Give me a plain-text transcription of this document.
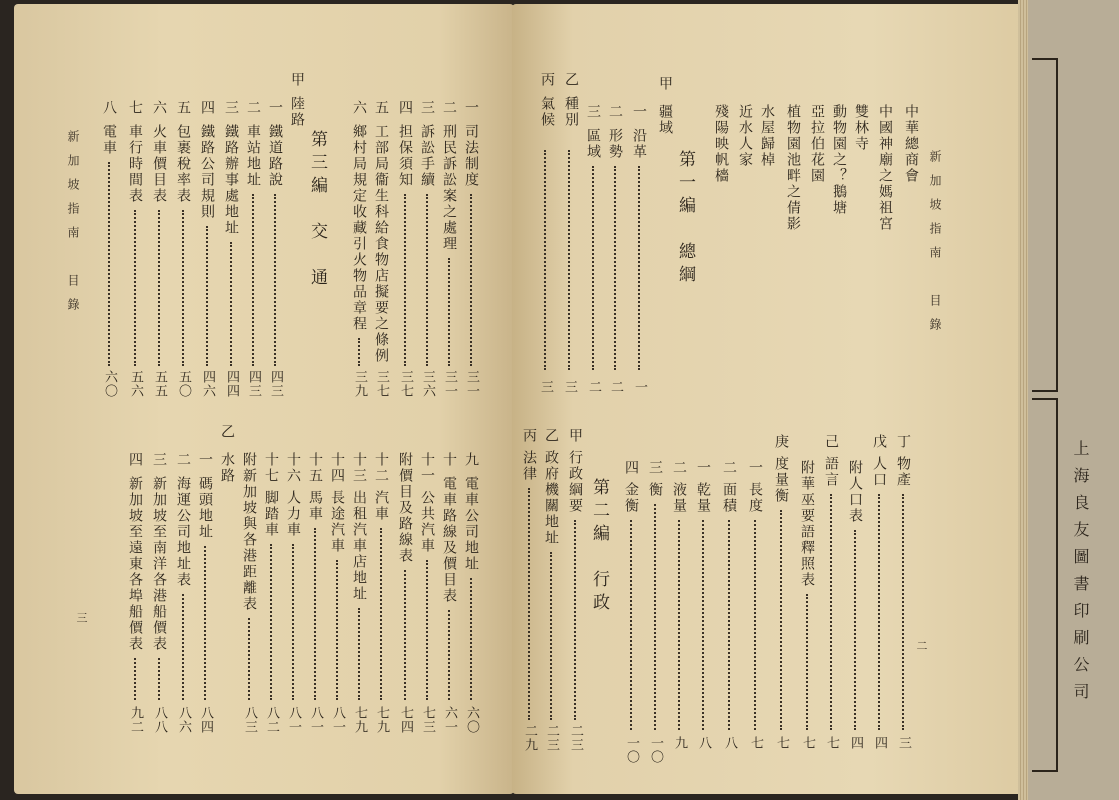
上海良友圖書印刷公司
新加坡指南　目錄
三
第三編　交　通
甲
陸路
乙
水路
新加坡指南　目錄
二
第一編　總綱
甲
疆域
乙
種別
丙
氣候
第二編　行政
一
司法制度
三一
二
刑民訴訟案之處理
三一
三
訴訟手續
三六
四
担保須知
三七
五
工部局衞生科給食物店擬要之條例
三七
六
鄉村局規定收藏引火物品章程
三九
一
鐵道路說
四三
二
車站地址
四三
三
鐵路辦事處地址
四四
四
鐵路公司規則
四六
五
包裹稅率表
五〇
六
火車價目表
五五
七
車行時間表
五六
八
電車
六〇
九
電車公司地址
六〇
十
電車路線及價目表
六一
十一
公共汽車
七三
附價目及路線表
七四
十二
汽車
七九
十三
出租汽車店地址
七九
十四
長途汽車
八一
十五
馬車
八一
十六
人力車
八一
十七
脚踏車
八二
附新加坡與各港距離表
八三
一
碼頭地址
八四
二
海運公司地址表
八六
三
新加坡至南洋各港船價表
八八
四
新加坡至遠東各埠船價表
九二
中華總商會
中國神廟之媽祖宮
雙林寺
動物園之？鵝塘
亞拉伯花園
植物園池畔之倩影
水屋歸棹
近水人家
殘陽映帆檣
一
沿革
一
二
形勢
二
三
區域
二
三
三
丁
物產
三
戊
人口
四
附人口表
四
己
語言
七
附華巫要語釋照表
七
庚
度量衡
七
一
長度
七
二
面積
八
一
乾量
八
二
液量
九
三
衡
一〇
四
金衡
一〇
甲
行政綱要
二三
乙
政府機關地址
二三
丙
法律
二九
